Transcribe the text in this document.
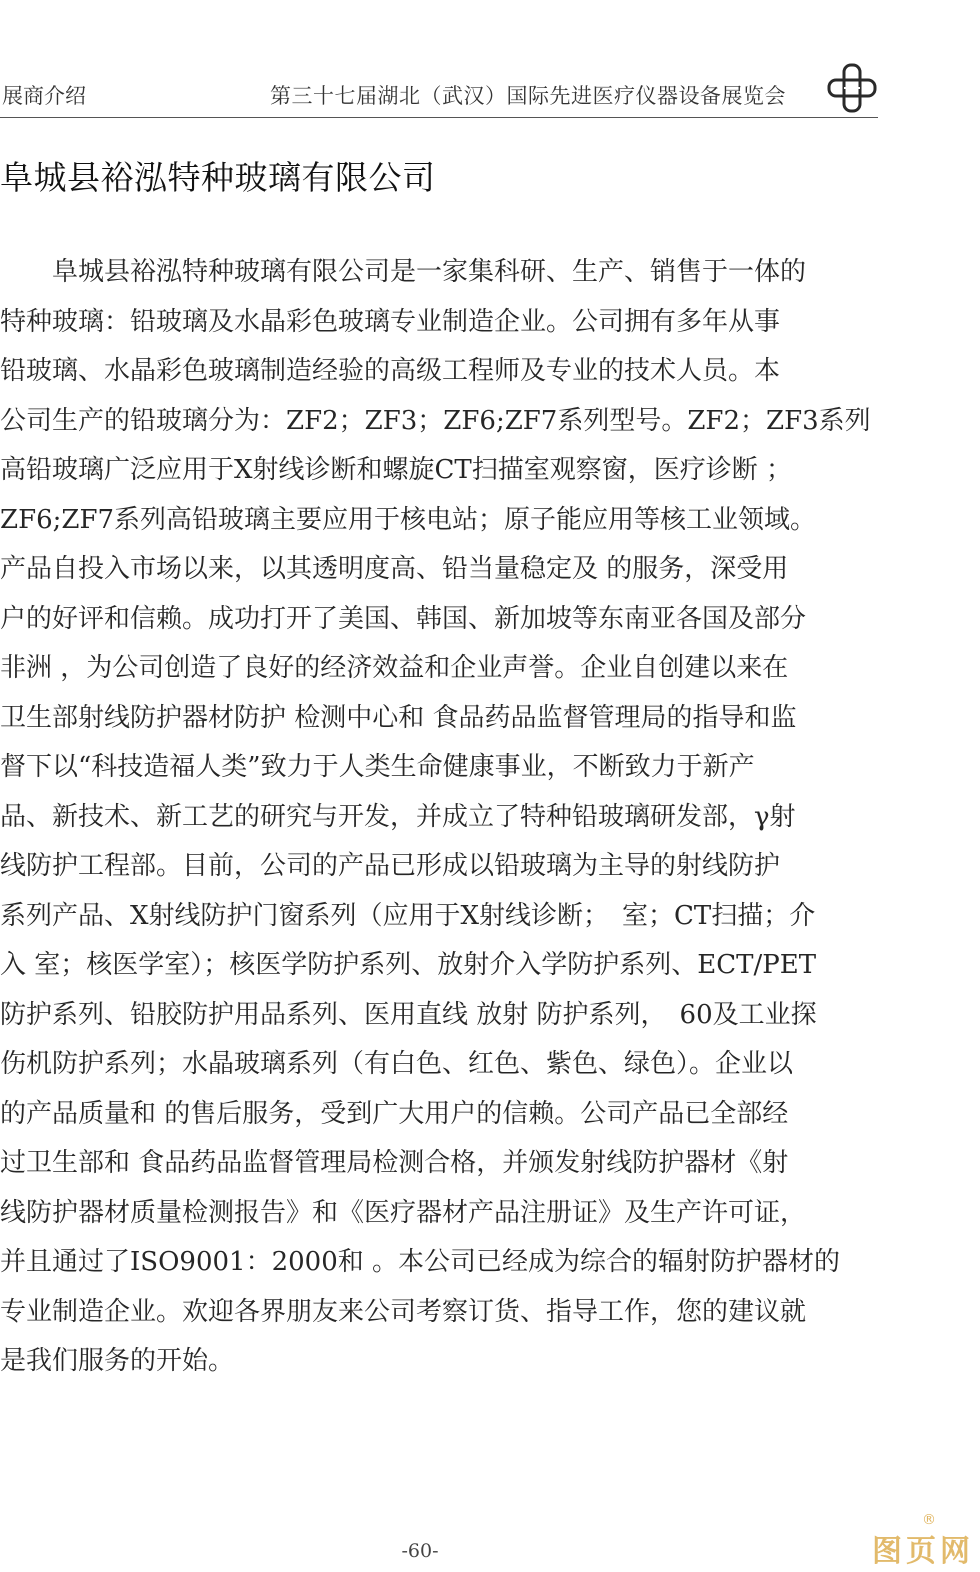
展商介绍	第三十七届湖北（武汉）国际先进医疗仪器设备展览会
阜城县裕泓特种玻璃有限公司
　　阜城县裕泓特种玻璃有限公司是一家集科研、生产、销售于一体的
特种玻璃：铅玻璃及水晶彩色玻璃专业制造企业。公司拥有多年从事
铅玻璃、水晶彩色玻璃制造经验的高级工程师及专业的技术人员。本
公司生产的铅玻璃分为：ZF2；ZF3；ZF6;ZF7系列型号。ZF2；ZF3系列
高铅玻璃广泛应用于X射线诊断和螺旋CT扫描室观察窗，医疗诊断 ；
ZF6;ZF7系列高铅玻璃主要应用于核电站；原子能应用等核工业领域。
产品自投入市场以来，以其透明度高、铅当量稳定及 的服务，深受用
户的好评和信赖。成功打开了美国、韩国、新加坡等东南亚各国及部分
非洲 ，为公司创造了良好的经济效益和企业声誉。企业自创建以来在
卫生部射线防护器材防护 检测中心和 食品药品监督管理局的指导和监
督下以“科技造福人类”致力于人类生命健康事业，不断致力于新产
品、新技术、新工艺的研究与开发，并成立了特种铅玻璃研发部，γ射
线防护工程部。目前，公司的产品已形成以铅玻璃为主导的射线防护
系列产品、X射线防护门窗系列（应用于X射线诊断；　室；CT扫描；介
入 室；核医学室）；核医学防护系列、放射介入学防护系列、ECT/PET
防护系列、铅胶防护用品系列、医用直线 放射 防护系列，　60及工业探
伤机防护系列；水晶玻璃系列（有白色、红色、紫色、绿色）。企业以
的产品质量和 的售后服务，受到广大用户的信赖。公司产品已全部经
过卫生部和 食品药品监督管理局检测合格，并颁发射线防护器材《射
线防护器材质量检测报告》和《医疗器材产品注册证》及生产许可证，
并且通过了ISO9001：2000和 。本公司已经成为综合的辐射防护器材的
专业制造企业。欢迎各界朋友来公司考察订货、指导工作，您的建议就
是我们服务的开始。
-60-
®
图页网
